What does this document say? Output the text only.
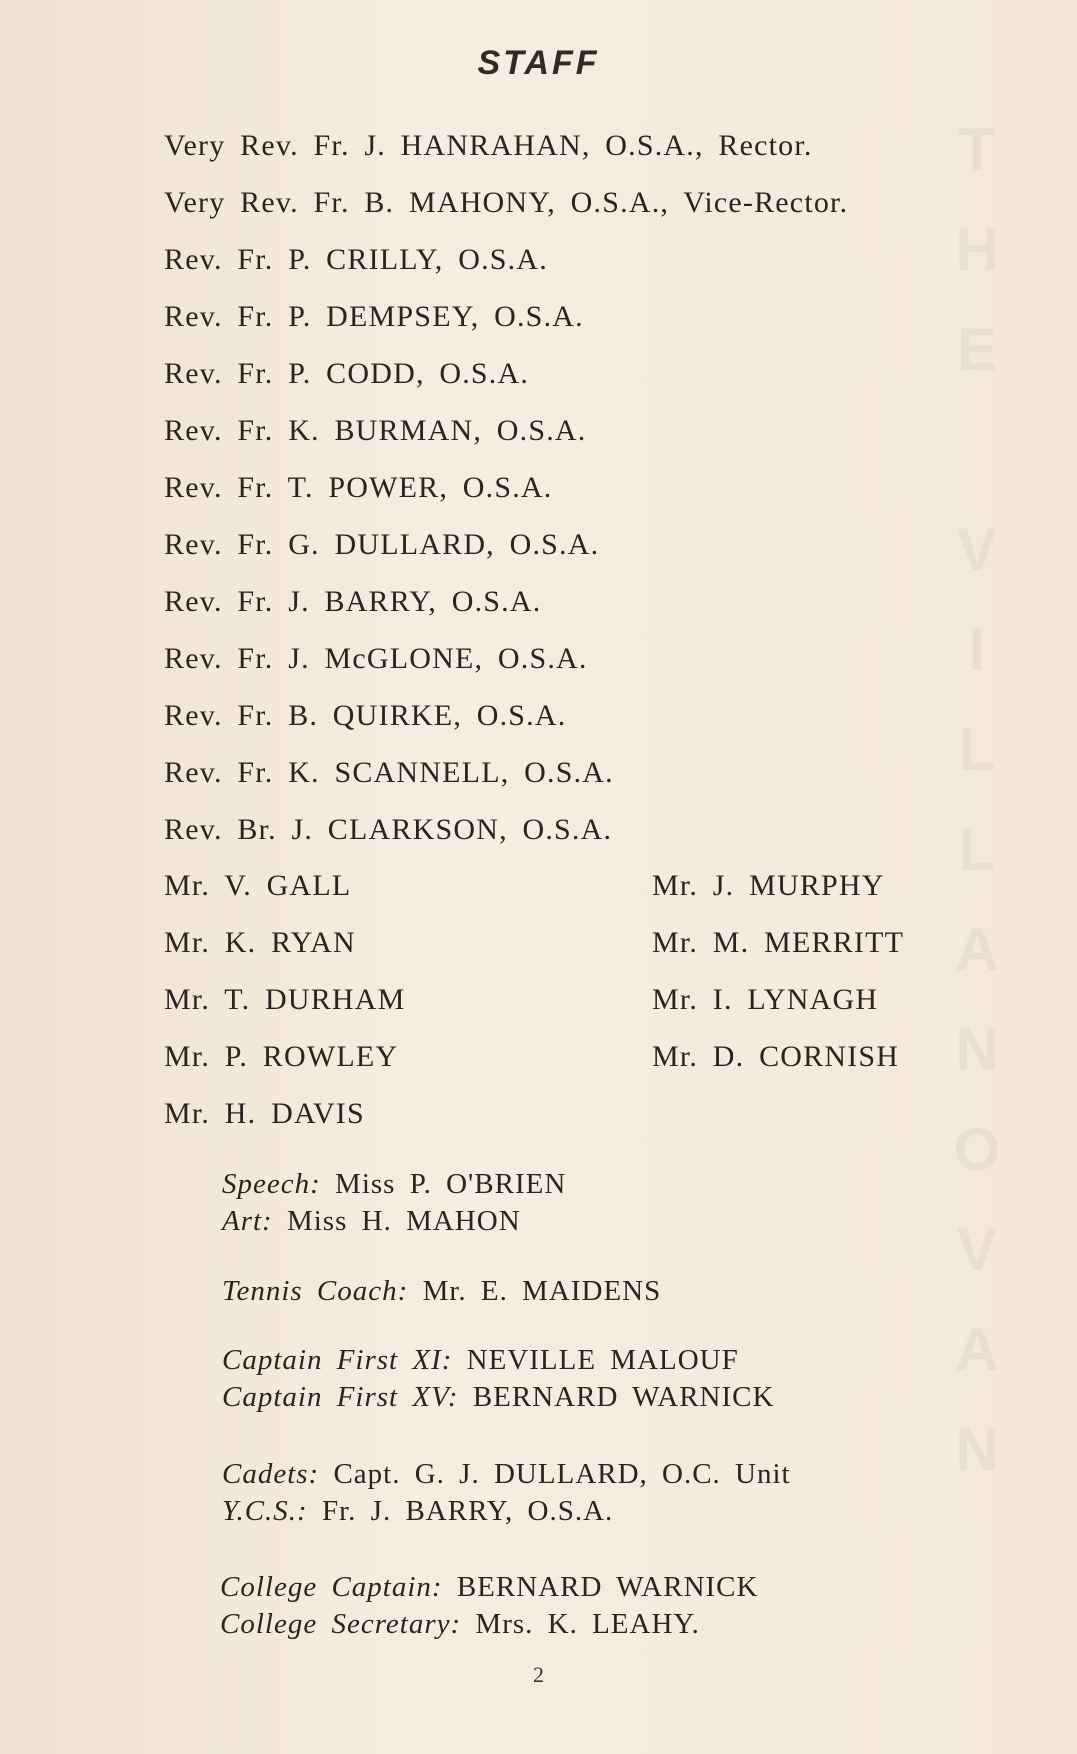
T
H
E

V
I
L
L
A
N
O
V
A
N
STAFF
Very Rev. Fr. J. HANRAHAN, O.S.A., Rector.
Very Rev. Fr. B. MAHONY, O.S.A., Vice-Rector.
Rev. Fr. P. CRILLY, O.S.A.
Rev. Fr. P. DEMPSEY, O.S.A.
Rev. Fr. P. CODD, O.S.A.
Rev. Fr. K. BURMAN, O.S.A.
Rev. Fr. T. POWER, O.S.A.
Rev. Fr. G. DULLARD, O.S.A.
Rev. Fr. J. BARRY, O.S.A.
Rev. Fr. J. McGLONE, O.S.A.
Rev. Fr. B. QUIRKE, O.S.A.
Rev. Fr. K. SCANNELL, O.S.A.
Rev. Br. J. CLARKSON, O.S.A.
Mr. V. GALL	Mr. J. MURPHY
Mr. K. RYAN	Mr. M. MERRITT
Mr. T. DURHAM	Mr. I. LYNAGH
Mr. P. ROWLEY	Mr. D. CORNISH
Mr. H. DAVIS
Speech: Miss P. O'BRIEN
Art: Miss H. MAHON
Tennis Coach: Mr. E. MAIDENS
Captain First XI: NEVILLE MALOUF
Captain First XV: BERNARD WARNICK
Cadets: Capt. G. J. DULLARD, O.C. Unit
Y.C.S.: Fr. J. BARRY, O.S.A.
College Captain: BERNARD WARNICK
College Secretary: Mrs. K. LEAHY.
2
